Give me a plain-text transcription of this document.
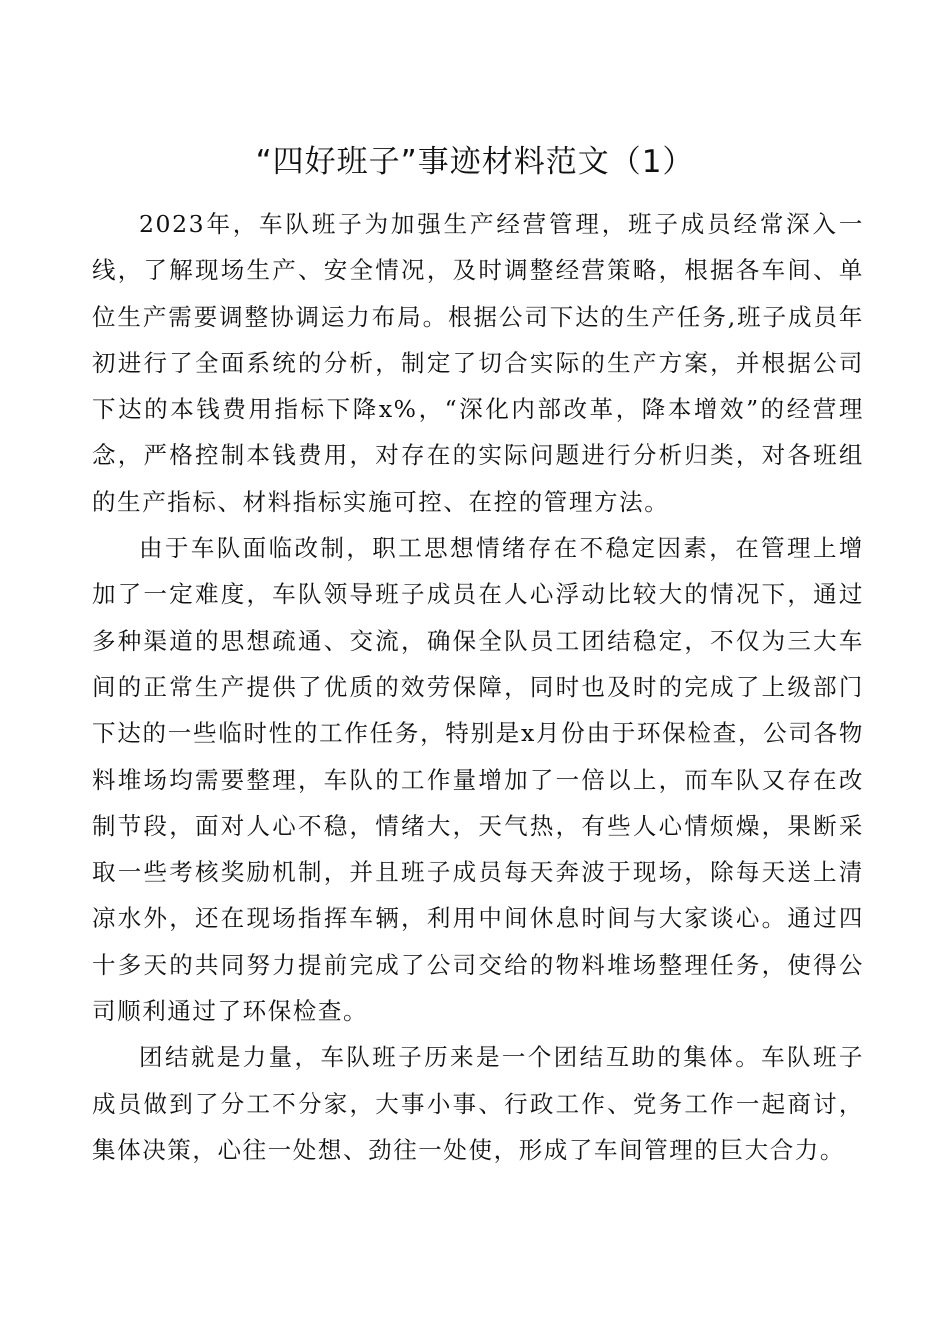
“四好班子”事迹材料范文（1）

2023年，车队班子为加强生产经营管理，班子成员经常深入一线，了解现场生产、安全情况，及时调整经营策略，根据各车间、单位生产需要调整协调运力布局。根据公司下达的生产任务,班子成员年初进行了全面系统的分析，制定了切合实际的生产方案，并根据公司下达的本钱费用指标下降x%，“深化内部改革，降本增效”的经营理念，严格控制本钱费用，对存在的实际问题进行分析归类，对各班组的生产指标、材料指标实施可控、在控的管理方法。

由于车队面临改制，职工思想情绪存在不稳定因素，在管理上增加了一定难度，车队领导班子成员在人心浮动比较大的情况下，通过多种渠道的思想疏通、交流，确保全队员工团结稳定，不仅为三大车间的正常生产提供了优质的效劳保障，同时也及时的完成了上级部门下达的一些临时性的工作任务，特别是x月份由于环保检查，公司各物料堆场均需要整理，车队的工作量增加了一倍以上，而车队又存在改制节段，面对人心不稳，情绪大，天气热，有些人心情烦燥，果断采取一些考核奖励机制，并且班子成员每天奔波于现场，除每天送上清凉水外，还在现场指挥车辆，利用中间休息时间与大家谈心。通过四十多天的共同努力提前完成了公司交给的物料堆场整理任务，使得公司顺利通过了环保检查。

团结就是力量，车队班子历来是一个团结互助的集体。车队班子成员做到了分工不分家，大事小事、行政工作、党务工作一起商讨，集体决策，心往一处想、劲往一处使，形成了车间管理的巨大合力。
